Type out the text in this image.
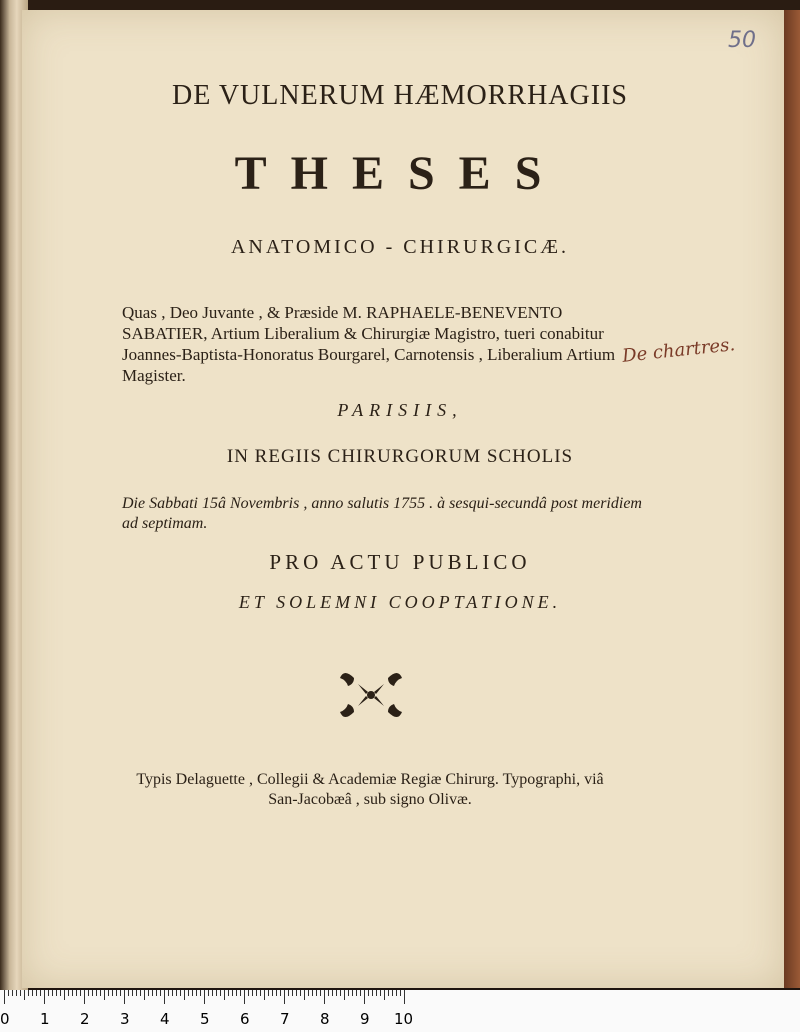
50
DE VULNERUM HÆMORRHAGIIS
THESES
ANATOMICO - CHIRURGICÆ.
Quas , Deo Juvante , & Præside M. RAPHAELE-BENEVENTO SABATIER, Artium Liberalium & Chirurgiæ Magistro, tueri conabitur Joannes-Baptista-Honoratus Bourgarel, Carnotensis , Liberalium Artium Magister.
De chartres.
PARISIIS,
IN REGIIS CHIRURGORUM SCHOLIS
Die Sabbati 15â Novembris , anno salutis 1755 . à sesqui-secundâ post meridiem ad septimam.
PRO ACTU PUBLICO
ET SOLEMNI COOPTATIONE.
Typis Delaguette , Collegii & Academiæ Regiæ Chirurg. Typographi, viâ San-Jacobæâ , sub signo Olivæ.
0 1 2 3 4 5 6 7 8 9 10
